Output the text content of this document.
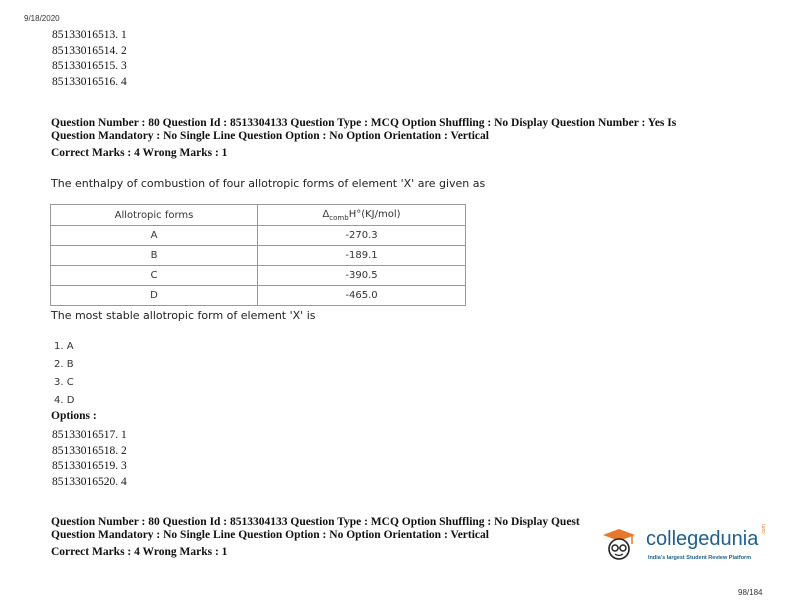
9/18/2020
85133016513. 1
85133016514. 2
85133016515. 3
85133016516. 4
Question Number : 80 Question Id : 8513304133 Question Type : MCQ Option Shuffling : No Display Question Number : Yes Is
Question Mandatory : No Single Line Question Option : No Option Orientation : Vertical
Correct Marks : 4 Wrong Marks : 1
The enthalpy of combustion of four allotropic forms of element 'X' are given as
Allotropic forms	$\Delta_{comb}H^\circ(KJ/mol)$
A	-270.3
B	-189.1
C	-390.5
D	-465.0
The most stable allotropic form of element 'X' is
1. A
2. B
3. C
4. D
Options :
85133016517. 1
85133016518. 2
85133016519. 3
85133016520. 4
Question Number : 80 Question Id : 8513304133 Question Type : MCQ Option Shuffling : No Display Quest
Question Mandatory : No Single Line Question Option : No Option Orientation : Vertical
Correct Marks : 4 Wrong Marks : 1
collegedunia .com
India's largest Student Review Platform
98/184
